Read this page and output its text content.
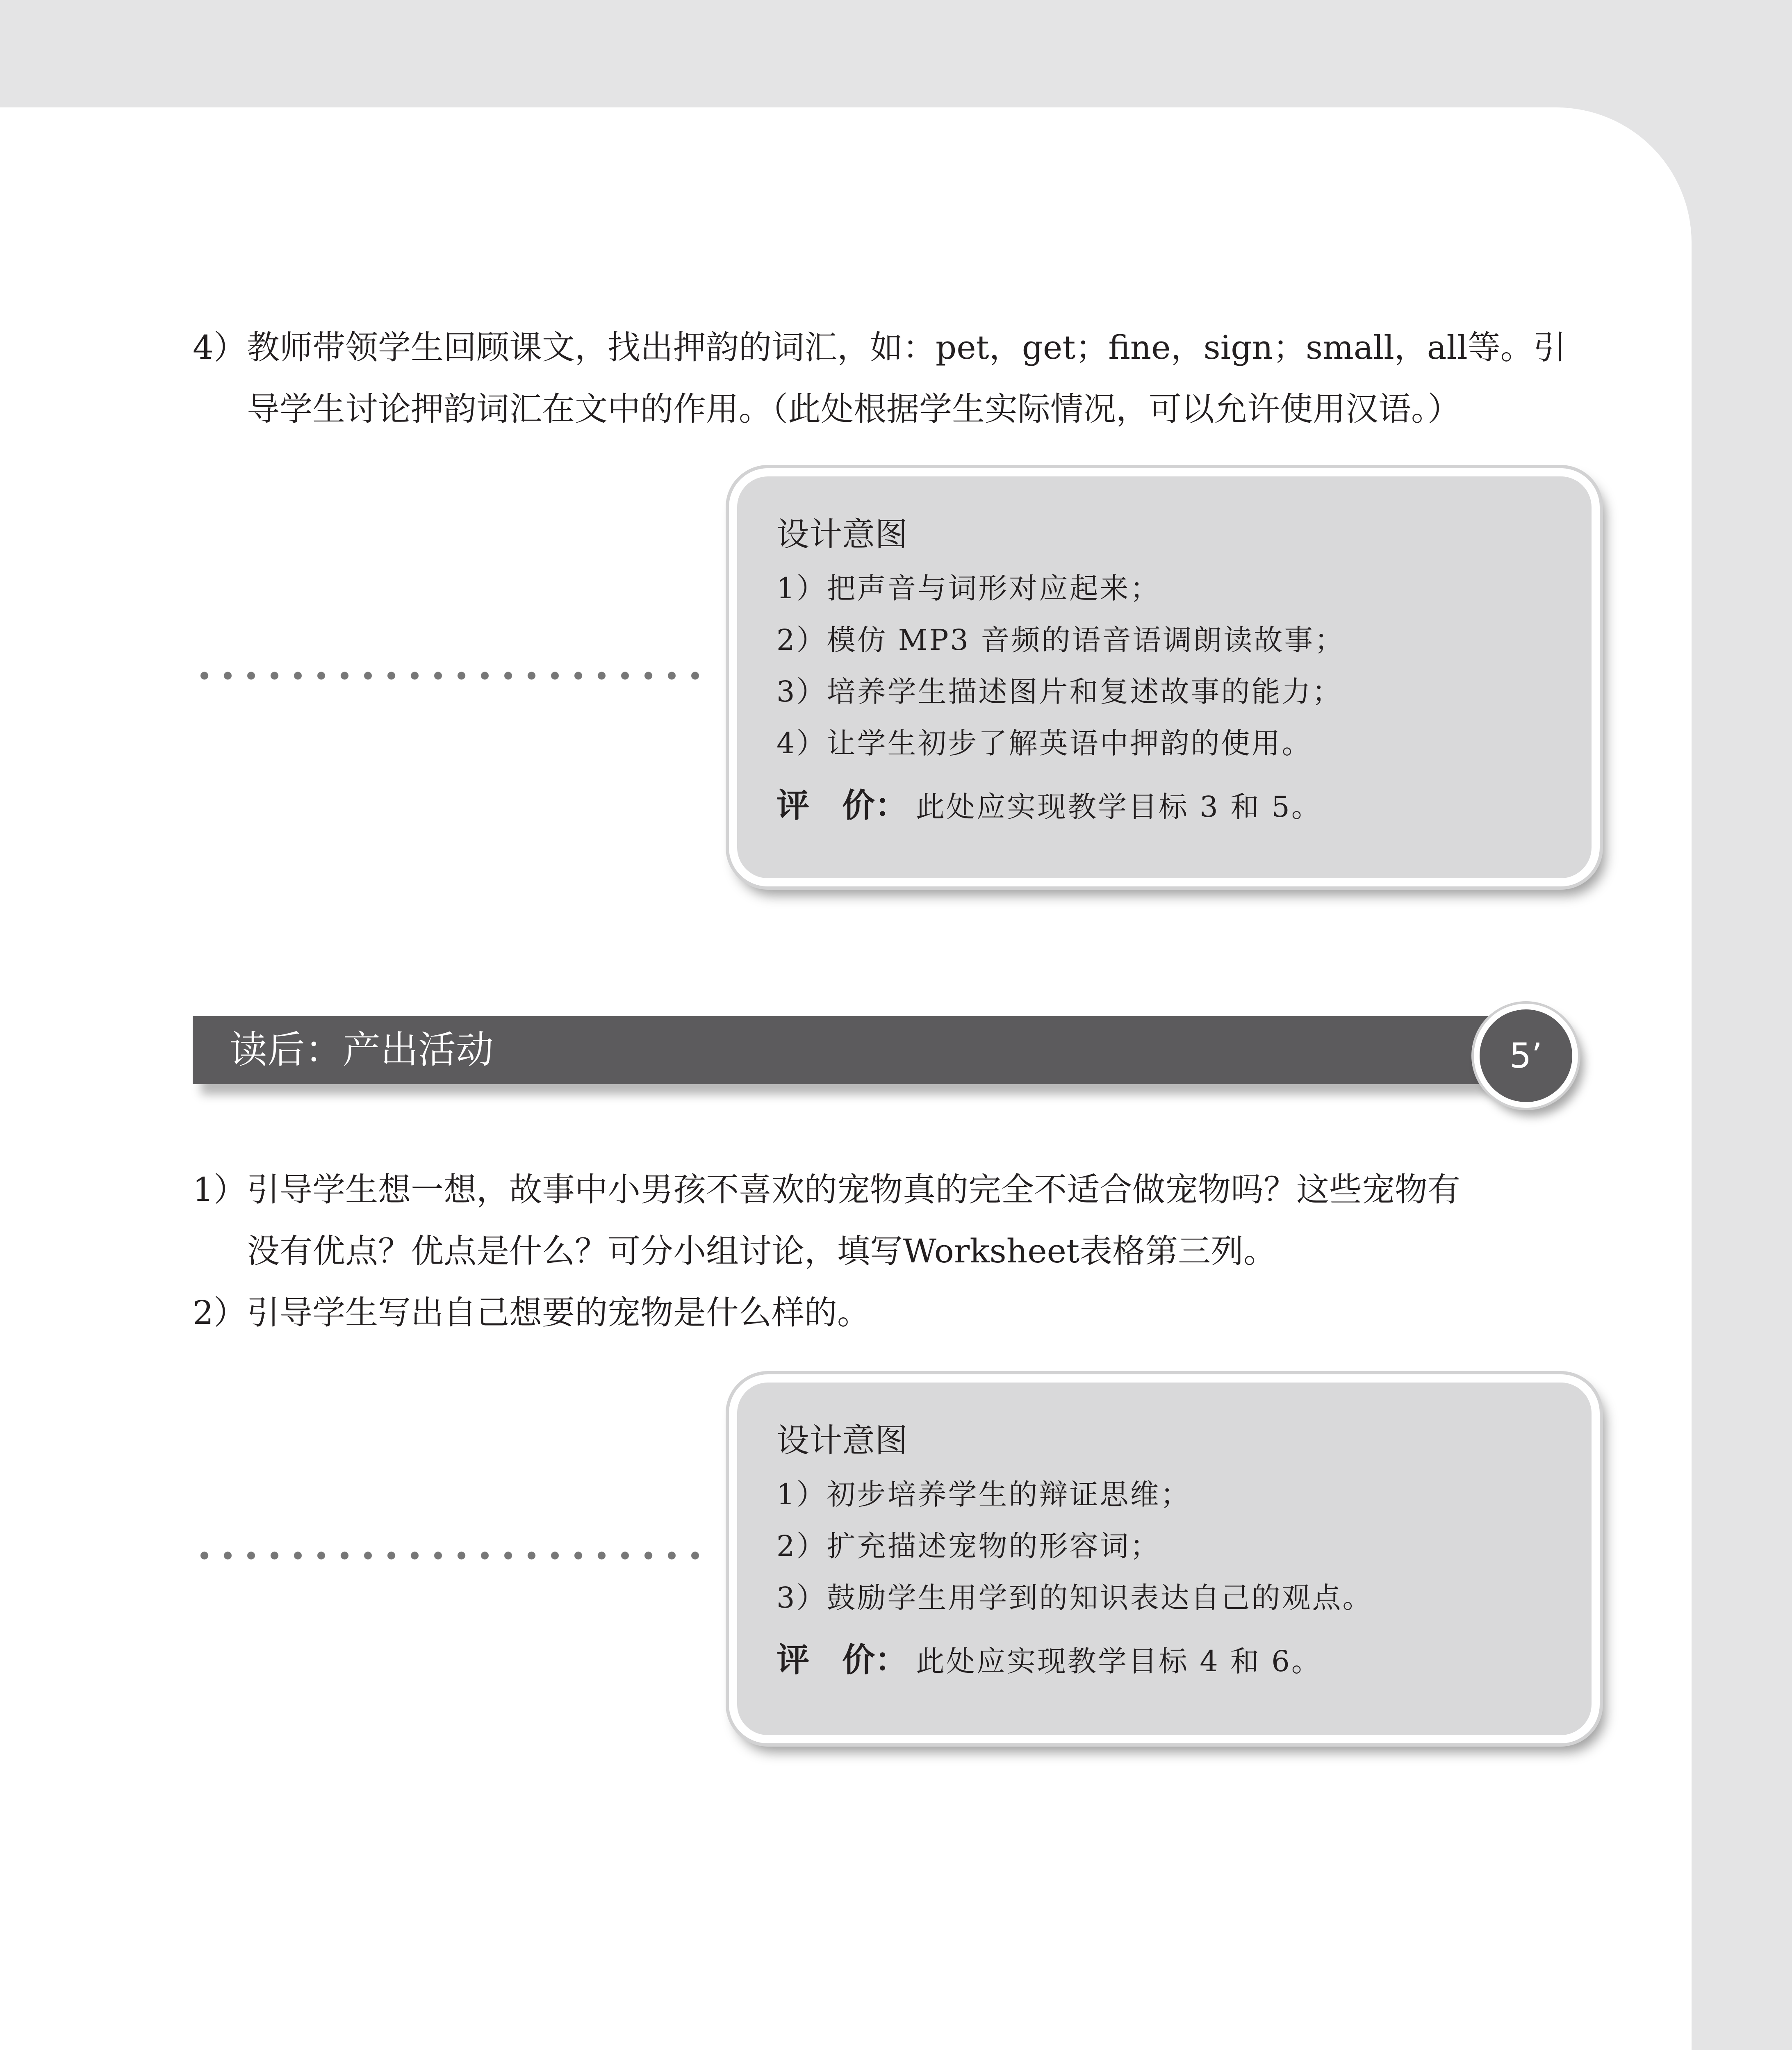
4）教师带领学生回顾课文，找出押韵的词汇，如：pet，get；fine，sign；small，all等。引
导学生讨论押韵词汇在文中的作用。（此处根据学生实际情况，可以允许使用汉语。）

设计意图

1）把声音与词形对应起来；

2）模仿 MP3 音频的语音语调朗读故事；

3）培养学生描述图片和复述故事的能力；

4）让学生初步了解英语中押韵的使用。

评　价： 此处应实现教学目标 3 和 5。

读后：产出活动	5’

1）引导学生想一想，故事中小男孩不喜欢的宠物真的完全不适合做宠物吗？这些宠物有
没有优点？优点是什么？可分小组讨论，填写Worksheet表格第三列。

2）引导学生写出自己想要的宠物是什么样的。

设计意图

1）初步培养学生的辩证思维；

2）扩充描述宠物的形容词；

3）鼓励学生用学到的知识表达自己的观点。

评　价： 此处应实现教学目标 4 和 6。
